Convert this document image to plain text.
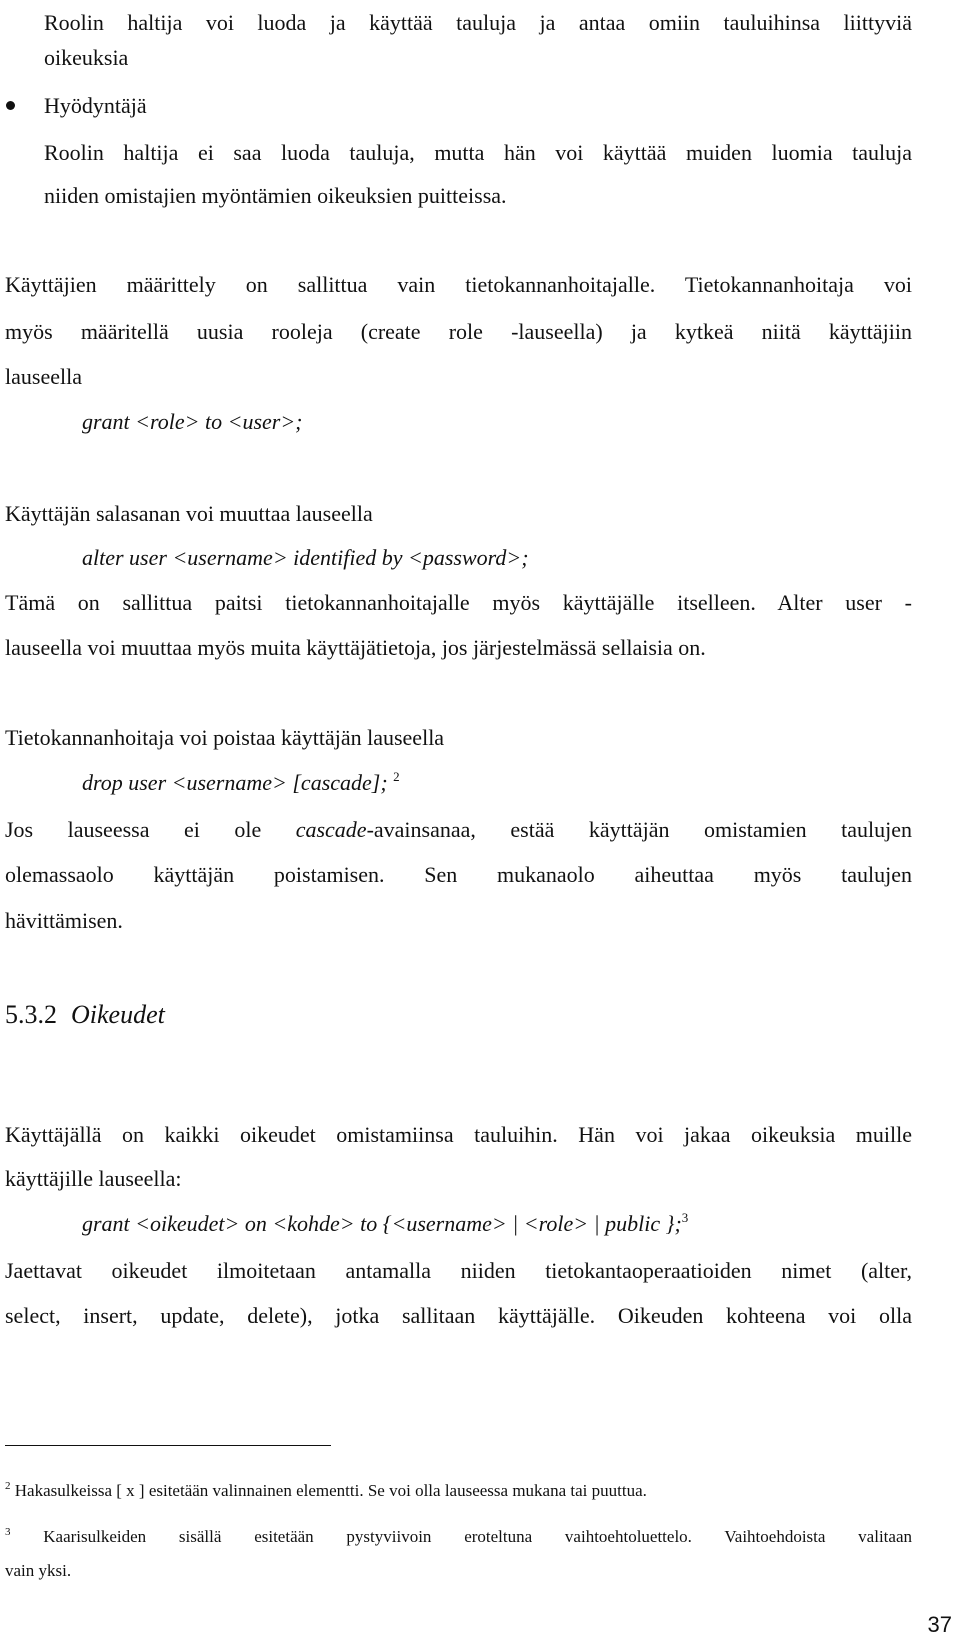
Roolin haltija voi luoda ja käyttää tauluja ja antaa omiin tauluihinsa liittyviä
oikeuksia
Hyödyntäjä
Roolin haltija ei saa luoda tauluja, mutta hän voi käyttää muiden luomia tauluja
niiden omistajien myöntämien oikeuksien puitteissa.
Käyttäjien määrittely on sallittua vain tietokannanhoitajalle. Tietokannanhoitaja voi
myös määritellä uusia rooleja (create role -lauseella) ja kytkeä niitä käyttäjiin
lauseella
grant <role> to <user>;
Käyttäjän salasanan voi muuttaa lauseella
alter user <username> identified by <password>;
Tämä on sallittua paitsi tietokannanhoitajalle myös käyttäjälle itselleen. Alter user -
lauseella voi muuttaa myös muita käyttäjätietoja, jos järjestelmässä sellaisia on.
Tietokannanhoitaja voi poistaa käyttäjän lauseella
drop user <username> [cascade]; $^2$
Jos lauseessa ei ole cascade-avainsanaa, estää käyttäjän omistamien taulujen
olemassaolo käyttäjän poistamisen. Sen mukanaolo aiheuttaa myös taulujen
hävittämisen.
5.3.2 Oikeudet
Käyttäjällä on kaikki oikeudet omistamiinsa tauluihin. Hän voi jakaa oikeuksia muille
käyttäjille lauseella:
grant <oikeudet> on <kohde> to {<username> | <role> | public };$^3$
Jaettavat oikeudet ilmoitetaan antamalla niiden tietokantaoperaatioiden nimet (alter,
select, insert, update, delete), jotka sallitaan käyttäjälle. Oikeuden kohteena voi olla
$^2$ Hakasulkeissa [ x ] esitetään valinnainen elementti. Se voi olla lauseessa mukana tai puuttua.
$^3$ Kaarisulkeiden sisällä esitetään pystyviivoin eroteltuna vaihtoehtoluettelo. Vaihtoehdoista valitaan
vain yksi.
37
